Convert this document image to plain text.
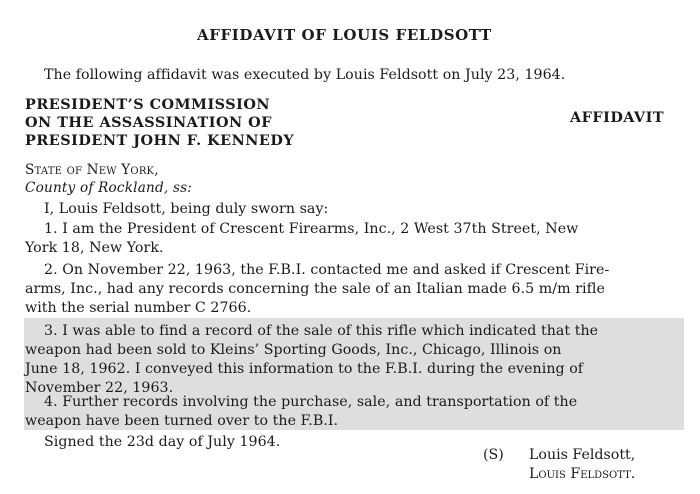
AFFIDAVIT OF LOUIS FELDSOTT
The following affidavit was executed by Louis Feldsott on July 23, 1964.
PRESIDENT’S COMMISSION
ON THE ASSASSINATION OF
PRESIDENT JOHN F. KENNEDY
AFFIDAVIT
State of New York,
County of Rockland, ss:
I, Louis Feldsott, being duly sworn say:
1. I am the President of Crescent Firearms, Inc., 2 West 37th Street, New
York 18, New York.
2. On November 22, 1963, the F.B.I. contacted me and asked if Crescent Fire-
arms, Inc., had any records concerning the sale of an Italian made 6.5 m/m rifle
with the serial number C 2766.
3. I was able to find a record of the sale of this rifle which indicated that the
weapon had been sold to Kleins’ Sporting Goods, Inc., Chicago, Illinois on
June 18, 1962. I conveyed this information to the F.B.I. during the evening of
November 22, 1963.
4. Further records involving the purchase, sale, and transportation of the
weapon have been turned over to the F.B.I.
Signed the 23d day of July 1964.
(S) Louis Feldsott,
Louis Feldsott.
